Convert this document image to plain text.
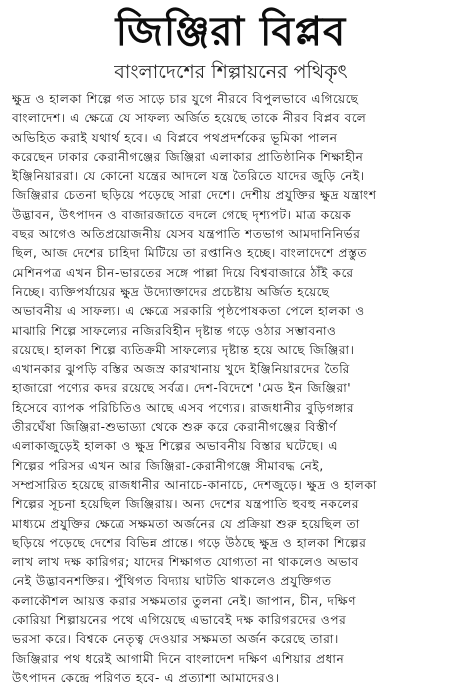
জিঞ্জিরা বিপ্লব
বাংলাদেশের শিল্পায়নের পথিকৃৎ
ক্ষুদ্র ও হালকা শিল্পে গত সাড়ে চার যুগে নীরবে বিপুলভাবে এগিয়েছে
বাংলাদেশ। এ ক্ষেত্রে যে সাফল্য অর্জিত হয়েছে তাকে নীরব বিপ্লব বলে
অভিহিত করাই যথার্থ হবে। এ বিপ্লবে পথপ্রদর্শকের ভূমিকা পালন
করেছেন ঢাকার কেরানীগঞ্জের জিঞ্জিরা এলাকার প্রাতিষ্ঠানিক শিক্ষাহীন
ইঞ্জিনিয়াররা। যে কোনো যন্ত্রের আদলে যন্ত্র তৈরিতে যাদের জুড়ি নেই।
জিঞ্জিরার চেতনা ছড়িয়ে পড়েছে সারা দেশে। দেশীয় প্রযুক্তির ক্ষুদ্র যন্ত্রাংশ
উদ্ভাবন, উৎপাদন ও বাজারজাতে বদলে গেছে দৃশ্যপট। মাত্র কয়েক
বছর আগেও অতিপ্রয়োজনীয় যেসব যন্ত্রপাতি শতভাগ আমদানিনির্ভর
ছিল, আজ দেশের চাহিদা মিটিয়ে তা রপ্তানিও হচ্ছে। বাংলাদেশে প্রস্তুত
মেশিনপত্র এখন চীন-ভারতের সঙ্গে পাল্লা দিয়ে বিশ্ববাজারে ঠাঁই করে
নিচ্ছে। ব্যক্তিপর্যায়ের ক্ষুদ্র উদ্যোক্তাদের প্রচেষ্টায় অর্জিত হয়েছে
অভাবনীয় এ সাফল্য। এ ক্ষেত্রে সরকারি পৃষ্ঠপোষকতা পেলে হালকা ও
মাঝারি শিল্পে সাফল্যের নজিরবিহীন দৃষ্টান্ত গড়ে ওঠার সম্ভাবনাও
রয়েছে। হালকা শিল্পে ব্যতিক্রমী সাফল্যের দৃষ্টান্ত হয়ে আছে জিঞ্জিরা।
এখানকার ঝুপড়ি বস্তির অজস্র কারখানায় খুদে ইঞ্জিনিয়ারদের তৈরি
হাজারো পণ্যের কদর রয়েছে সর্বত্র। দেশ-বিদেশে 'মেড ইন জিঞ্জিরা'
হিসেবে ব্যাপক পরিচিতিও আছে এসব পণ্যের। রাজধানীর বুড়িগঙ্গার
তীরঘেঁষা জিঞ্জিরা-শুভাড্যা থেকে শুরু করে কেরানীগঞ্জের বিস্তীর্ণ
এলাকাজুড়েই হালকা ও ক্ষুদ্র শিল্পের অভাবনীয় বিস্তার ঘটেছে। এ
শিল্পের পরিসর এখন আর জিঞ্জিরা-কেরানীগঞ্জে সীমাবদ্ধ নেই,
সম্প্রসারিত হয়েছে রাজধানীর আনাচে-কানাচে, দেশজুড়ে। ক্ষুদ্র ও হালকা
শিল্পের সূচনা হয়েছিল জিঞ্জিরায়। অন্য দেশের যন্ত্রপাতি হুবহু নকলের
মাধ্যমে প্রযুক্তির ক্ষেত্রে সক্ষমতা অর্জনের যে প্রক্রিয়া শুরু হয়েছিল তা
ছড়িয়ে পড়েছে দেশের বিভিন্ন প্রান্তে। গড়ে উঠছে ক্ষুদ্র ও হালকা শিল্পের
লাখ লাখ দক্ষ কারিগর; যাদের শিক্ষাগত যোগ্যতা না থাকলেও অভাব
নেই উদ্ভাবনশক্তির। পুঁথিগত বিদ্যায় ঘাটতি থাকলেও প্রযুক্তিগত
কলাকৌশল আয়ত্ত করার সক্ষমতার তুলনা নেই। জাপান, চীন, দক্ষিণ
কোরিয়া শিল্পায়নের পথে এগিয়েছে এভাবেই দক্ষ কারিগরদের ওপর
ভরসা করে। বিশ্বকে নেতৃত্ব দেওয়ার সক্ষমতা অর্জন করেছে তারা।
জিঞ্জিরার পথ ধরেই আগামী দিনে বাংলাদেশ দক্ষিণ এশিয়ার প্রধান
উৎপাদন কেন্দ্রে পরিণত হবে- এ প্রত্যাশা আমাদেরও।
